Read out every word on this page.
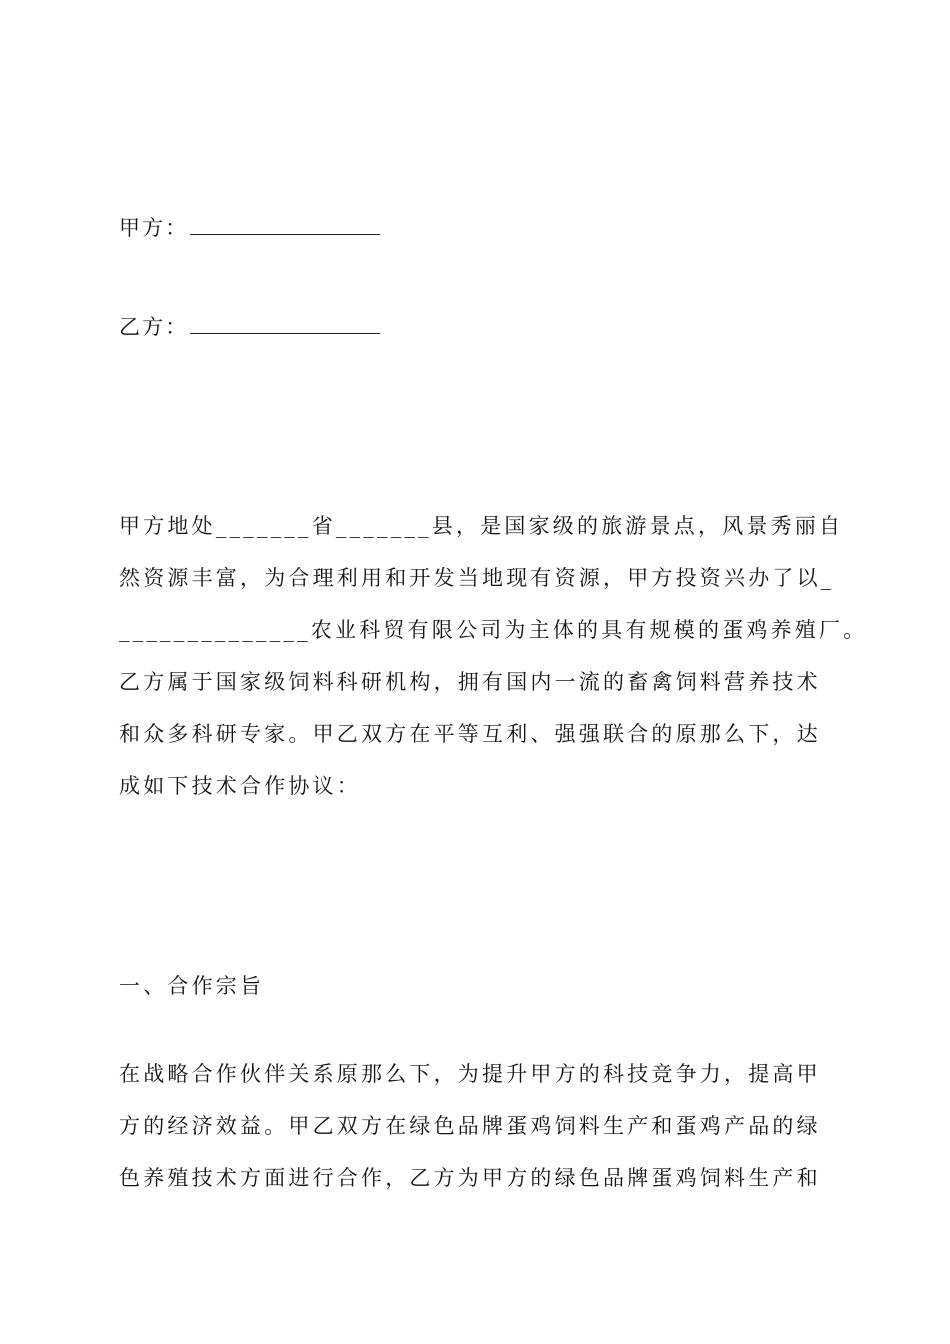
甲方：
乙方：
甲方地处_______省_______县，是国家级的旅游景点，风景秀丽自
然资源丰富，为合理利用和开发当地现有资源，甲方投资兴办了以_
______________农业科贸有限公司为主体的具有规模的蛋鸡养殖厂。
乙方属于国家级饲料科研机构，拥有国内一流的畜禽饲料营养技术
和众多科研专家。甲乙双方在平等互利、强强联合的原那么下，达
成如下技术合作协议：
一、合作宗旨
在战略合作伙伴关系原那么下，为提升甲方的科技竞争力，提高甲
方的经济效益。甲乙双方在绿色品牌蛋鸡饲料生产和蛋鸡产品的绿
色养殖技术方面进行合作，乙方为甲方的绿色品牌蛋鸡饲料生产和
